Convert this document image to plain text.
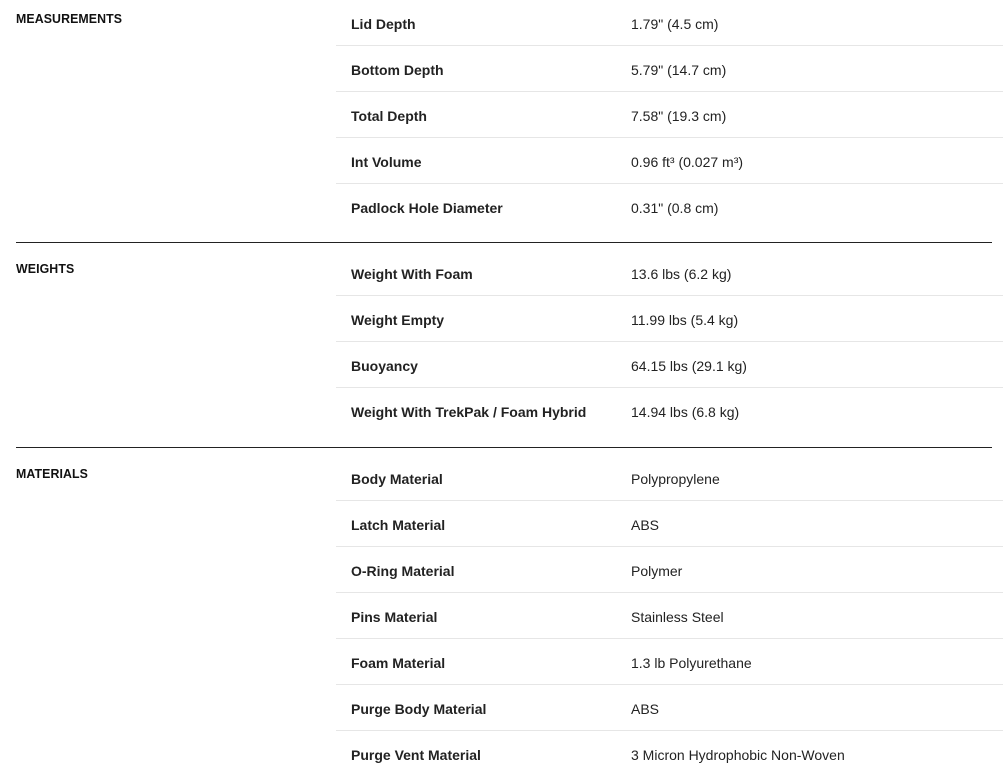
MEASUREMENTS	Lid Depth	1.79" (4.5 cm)
Bottom Depth	5.79" (14.7 cm)
Total Depth	7.58" (19.3 cm)
Int Volume	0.96 ft³ (0.027 m³)
Padlock Hole Diameter	0.31" (0.8 cm)
WEIGHTS	Weight With Foam	13.6 lbs (6.2 kg)
Weight Empty	11.99 lbs (5.4 kg)
Buoyancy	64.15 lbs (29.1 kg)
Weight With TrekPak / Foam Hybrid	14.94 lbs (6.8 kg)
MATERIALS	Body Material	Polypropylene
Latch Material	ABS
O-Ring Material	Polymer
Pins Material	Stainless Steel
Foam Material	1.3 lb Polyurethane
Purge Body Material	ABS
Purge Vent Material	3 Micron Hydrophobic Non-Woven
